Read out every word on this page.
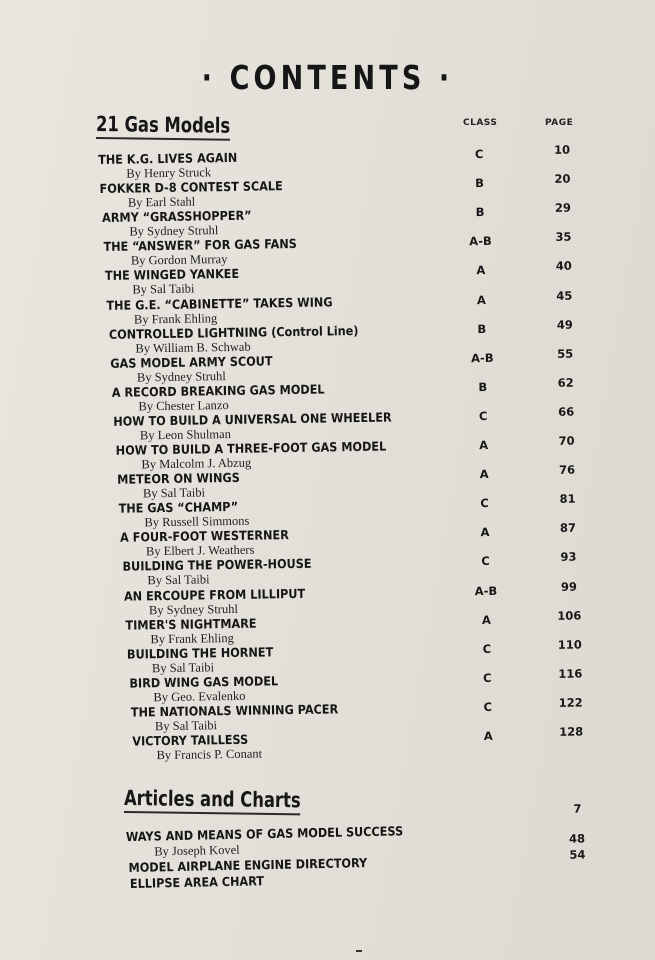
· CONTENTS ·
21 Gas Models	CLASS	PAGE
THE K.G. LIVES AGAIN
By Henry Struck
C	10
FOKKER D-8 CONTEST SCALE
By Earl Stahl
B	20
ARMY “GRASSHOPPER”
By Sydney Struhl
B	29
THE “ANSWER” FOR GAS FANS
By Gordon Murray
A-B	35
THE WINGED YANKEE
By Sal Taibi
A	40
THE G.E. “CABINETTE” TAKES WING
By Frank Ehling
A	45
CONTROLLED LIGHTNING (Control Line)
By William B. Schwab
B	49
GAS MODEL ARMY SCOUT
By Sydney Struhl
A-B	55
A RECORD BREAKING GAS MODEL
By Chester Lanzo
B	62
HOW TO BUILD A UNIVERSAL ONE WHEELER
By Leon Shulman
C	66
HOW TO BUILD A THREE-FOOT GAS MODEL
By Malcolm J. Abzug
A	70
METEOR ON WINGS
By Sal Taibi
A	76
THE GAS “CHAMP”
By Russell Simmons
C	81
A FOUR-FOOT WESTERNER
By Elbert J. Weathers
A	87
BUILDING THE POWER-HOUSE
By Sal Taibi
C	93
AN ERCOUPE FROM LILLIPUT
By Sydney Struhl
A-B	99
TIMER'S NIGHTMARE
By Frank Ehling
A	106
BUILDING THE HORNET
By Sal Taibi
C	110
BIRD WING GAS MODEL
By Geo. Evalenko
C	116
THE NATIONALS WINNING PACER
By Sal Taibi
C	122
VICTORY TAILLESS
By Francis P. Conant
A	128
Articles and Charts
WAYS AND MEANS OF GAS MODEL SUCCESS
By Joseph Kovel
7
MODEL AIRPLANE ENGINE DIRECTORY
48
ELLIPSE AREA CHART
54
